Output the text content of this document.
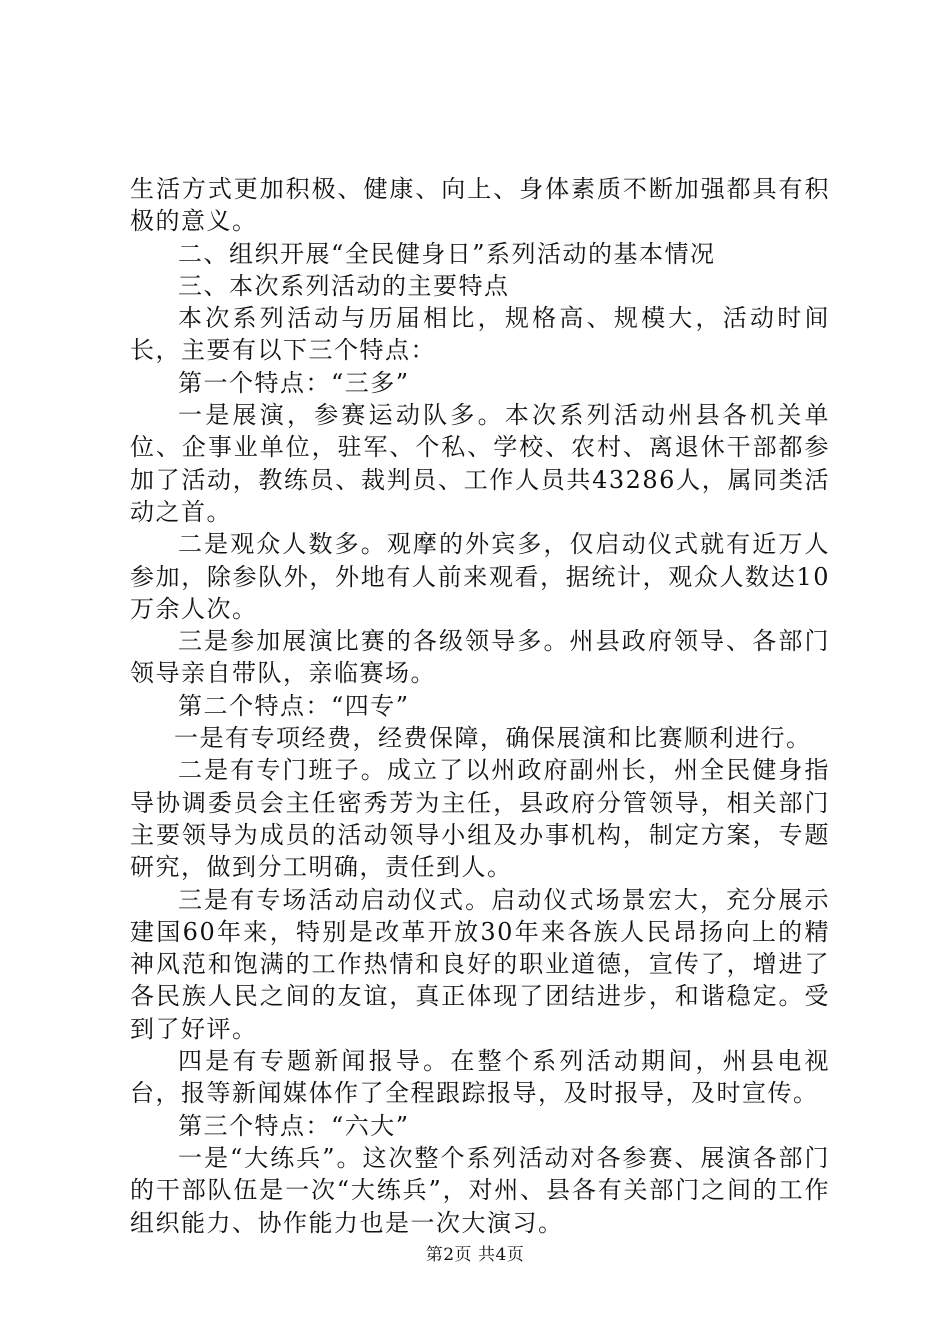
生活方式更加积极、健康、向上、身体素质不断加强都具有积极的意义。

二、组织开展“全民健身日”系列活动的基本情况

三、本次系列活动的主要特点

本次系列活动与历届相比，规格高、规模大，活动时间长，主要有以下三个特点：

第一个特点：“三多”

一是展演，参赛运动队多。本次系列活动州县各机关单位、企事业单位，驻军、个私、学校、农村、离退休干部都参加了活动，教练员、裁判员、工作人员共43286人，属同类活动之首。

二是观众人数多。观摩的外宾多，仅启动仪式就有近万人参加，除参队外，外地有人前来观看，据统计，观众人数达10万余人次。

三是参加展演比赛的各级领导多。州县政府领导、各部门领导亲自带队，亲临赛场。

第二个特点：“四专”

一是有专项经费，经费保障，确保展演和比赛顺利进行。

二是有专门班子。成立了以州政府副州长，州全民健身指导协调委员会主任密秀芳为主任，县政府分管领导，相关部门主要领导为成员的活动领导小组及办事机构，制定方案，专题研究，做到分工明确，责任到人。

三是有专场活动启动仪式。启动仪式场景宏大，充分展示建国60年来，特别是改革开放30年来各族人民昂扬向上的精神风范和饱满的工作热情和良好的职业道德，宣传了，增进了各民族人民之间的友谊，真正体现了团结进步，和谐稳定。受到了好评。

四是有专题新闻报导。在整个系列活动期间，州县电视台，报等新闻媒体作了全程跟踪报导，及时报导，及时宣传。

第三个特点：“六大”

一是“大练兵”。这次整个系列活动对各参赛、展演各部门的干部队伍是一次“大练兵”，对州、县各有关部门之间的工作组织能力、协作能力也是一次大演习。

第2页 共4页
